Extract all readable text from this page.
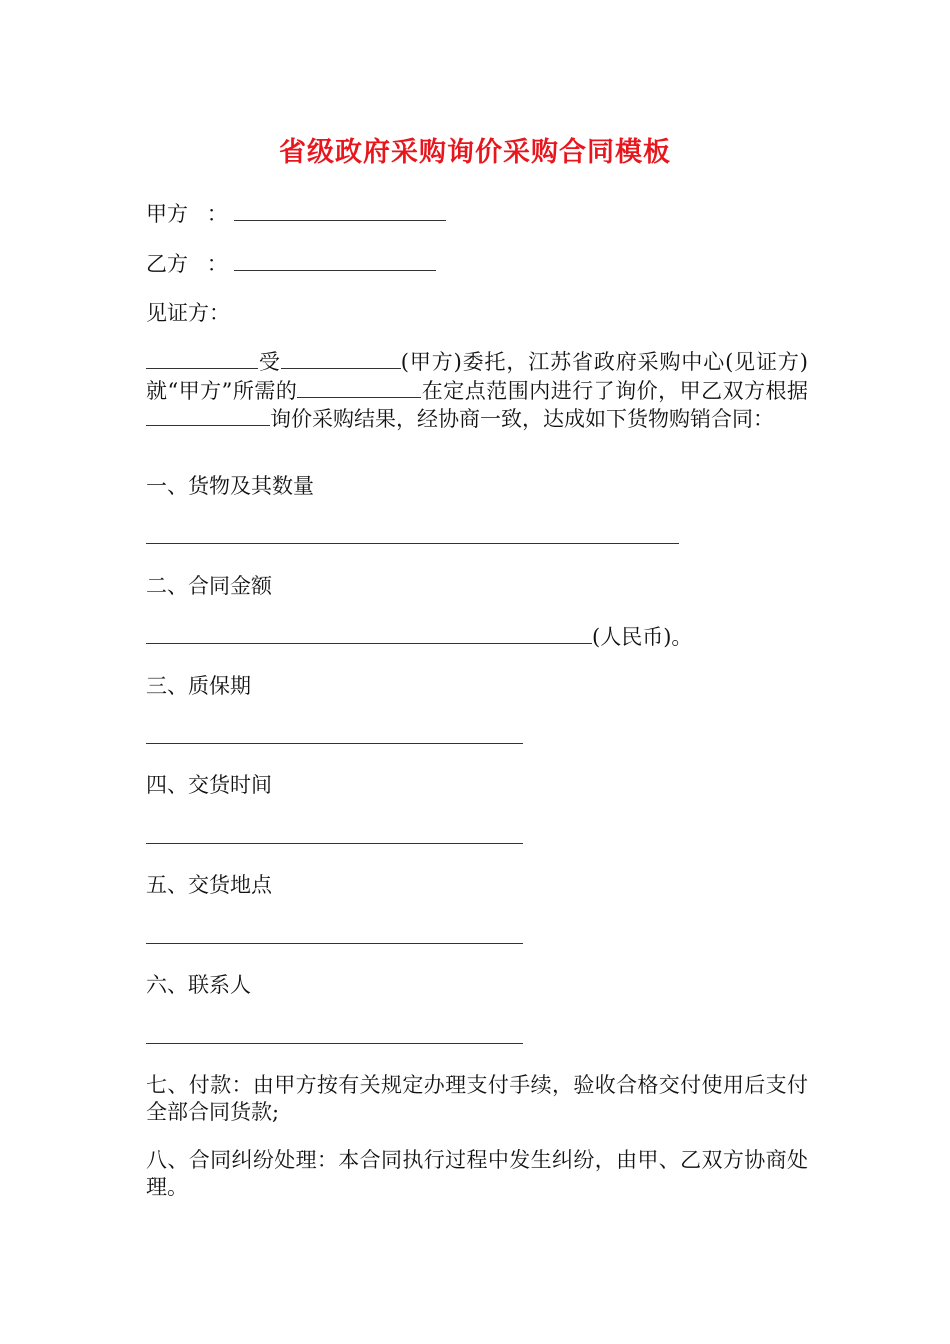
省级政府采购询价采购合同模板
甲方 ：
乙方 ：
见证方：
受	(甲方)委托，江苏省政府采购中心(见证方)就“甲方”所需的	在定点范围内进行了询价，甲乙双方根据询价采购结果，经协商一致，达成如下货物购销合同：
一、货物及其数量
二、合同金额
(人民币)。
三、质保期
四、交货时间
五、交货地点
六、联系人
七、付款：由甲方按有关规定办理支付手续，验收合格交付使用后支付全部合同货款;
八、合同纠纷处理：本合同执行过程中发生纠纷，由甲、乙双方协商处理。
